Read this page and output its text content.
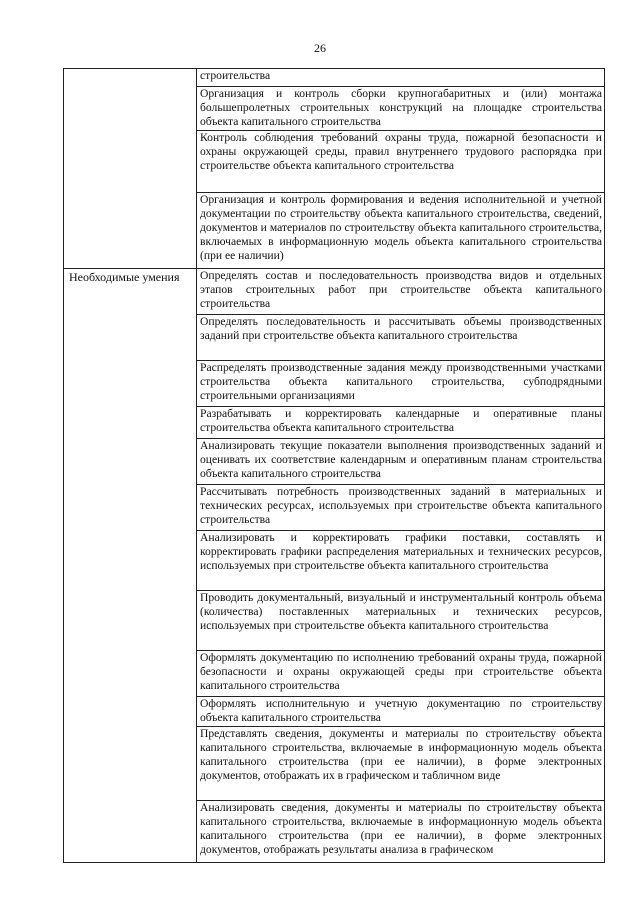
26

	строительства

	Организация и контроль сборки крупногабаритных и (или) монтажа большепролетных строительных конструкций на площадке строительства объекта капитального строительства

	Контроль соблюдения требований охраны труда, пожарной безопасности и охраны окружающей среды, правил внутреннего трудового распорядка при строительстве объекта капитального строительства

	Организация и контроль формирования и ведения исполнительной и учетной документации по строительству объекта капитального строительства, сведений, документов и материалов по строительству объекта капитального строительства, включаемых в информационную модель объекта капитального строительства (при ее наличии)

Необходимые умения	Определять состав и последовательность производства видов и отдельных этапов строительных работ при строительстве объекта капитального строительства

	Определять последовательность и рассчитывать объемы производственных заданий при строительстве объекта капитального строительства

	Распределять производственные задания между производственными участками строительства объекта капитального строительства, субподрядными строительными организациями

	Разрабатывать и корректировать календарные и оперативные планы строительства объекта капитального строительства

	Анализировать текущие показатели выполнения производственных заданий и оценивать их соответствие календарным и оперативным планам строительства объекта капитального строительства

	Рассчитывать потребность производственных заданий в материальных и технических ресурсах, используемых при строительстве объекта капитального строительства

	Анализировать и корректировать графики поставки, составлять и корректировать графики распределения материальных и технических ресурсов, используемых при строительстве объекта капитального строительства

	Проводить документальный, визуальный и инструментальный контроль объема (количества) поставленных материальных и технических ресурсов, используемых при строительстве объекта капитального строительства

	Оформлять документацию по исполнению требований охраны труда, пожарной безопасности и охраны окружающей среды при строительстве объекта капитального строительства

	Оформлять исполнительную и учетную документацию по строительству объекта капитального строительства

	Представлять сведения, документы и материалы по строительству объекта капитального строительства, включаемые в информационную модель объекта капитального строительства (при ее наличии), в форме электронных документов, отображать их в графическом и табличном виде

	Анализировать сведения, документы и материалы по строительству объекта капитального строительства, включаемые в информационную модель объекта капитального строительства (при ее наличии), в форме электронных документов, отображать результаты анализа в графическом
